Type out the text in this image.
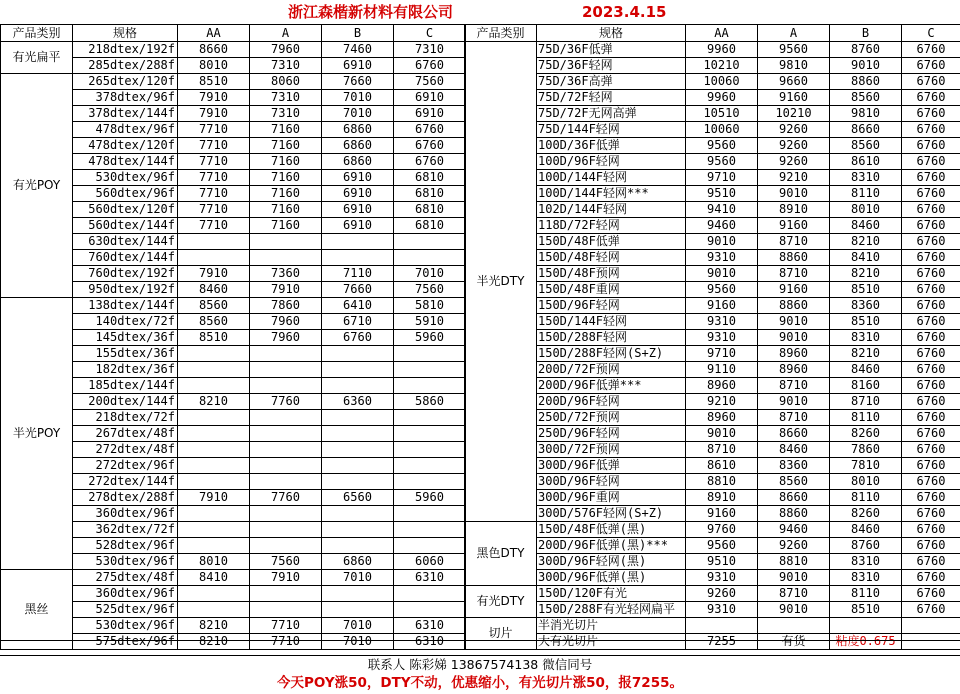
浙江森楷新材料有限公司	2023.4.15
产品类别	规格	AA	A	B	C
有光扁平	218dtex/192f	8660	7960	7460	7310
	285dtex/288f	8010	7310	6910	6760
有光POY	265dtex/120f	8510	8060	7660	7560
	378dtex/96f	7910	7310	7010	6910
	378dtex/144f	7910	7310	7010	6910
	478dtex/96f	7710	7160	6860	6760
	478dtex/120f	7710	7160	6860	6760
	478dtex/144f	7710	7160	6860	6760
	530dtex/96f	7710	7160	6910	6810
	560dtex/96f	7710	7160	6910	6810
	560dtex/120f	7710	7160	6910	6810
	560dtex/144f	7710	7160	6910	6810
	630dtex/144f				
	760dtex/144f				
	760dtex/192f	7910	7360	7110	7010
	950dtex/192f	8460	7910	7660	7560
半光POY	138dtex/144f	8560	7860	6410	5810
	140dtex/72f	8560	7960	6710	5910
	145dtex/36f	8510	7960	6760	5960
	155dtex/36f				
	182dtex/36f				
	185dtex/144f				
	200dtex/144f	8210	7760	6360	5860
	218dtex/72f				
	267dtex/48f				
	272dtex/48f				
	272dtex/96f				
	272dtex/144f				
	278dtex/288f	7910	7760	6560	5960
	360dtex/96f				
	362dtex/72f				
	528dtex/96f				
	530dtex/96f	8010	7560	6860	6060
黑丝	275dtex/48f	8410	7910	7010	6310
	360dtex/96f				
	525dtex/96f				
	530dtex/96f	8210	7710	7010	6310
	575dtex/96f	8210	7710	7010	6310
产品类别	规格	AA	A	B	C
半光DTY	75D/36F低弹	9960	9560	8760	6760
	75D/36F轻网	10210	9810	9010	6760
	75D/36F高弹	10060	9660	8860	6760
	75D/72F轻网	9960	9160	8560	6760
	75D/72F无网高弹	10510	10210	9810	6760
	75D/144F轻网	10060	9260	8660	6760
	100D/36F低弹	9560	9260	8560	6760
	100D/96F轻网	9560	9260	8610	6760
	100D/144F轻网	9710	9210	8310	6760
	100D/144F轻网***	9510	9010	8110	6760
	102D/144F轻网	9410	8910	8010	6760
	118D/72F轻网	9460	9160	8460	6760
	150D/48F低弹	9010	8710	8210	6760
	150D/48F轻网	9310	8860	8410	6760
	150D/48F预网	9010	8710	8210	6760
	150D/48F重网	9560	9160	8510	6760
	150D/96F轻网	9160	8860	8360	6760
	150D/144F轻网	9310	9010	8510	6760
	150D/288F轻网	9310	9010	8310	6760
	150D/288F轻网(S+Z)	9710	8960	8210	6760
	200D/72F预网	9110	8960	8460	6760
	200D/96F低弹***	8960	8710	8160	6760
	200D/96F轻网	9210	9010	8710	6760
	250D/72F预网	8960	8710	8110	6760
	250D/96F轻网	9010	8660	8260	6760
	300D/72F预网	8710	8460	7860	6760
	300D/96F低弹	8610	8360	7810	6760
	300D/96F轻网	8810	8560	8010	6760
	300D/96F重网	8910	8660	8110	6760
	300D/576F轻网(S+Z)	9160	8860	8260	6760
黑色DTY	150D/48F低弹(黑)	9760	9460	8460	6760
	200D/96F低弹(黑)***	9560	9260	8760	6760
	300D/96F轻网(黑)	9510	8810	8310	6760
	300D/96F低弹(黑)	9310	9010	8310	6760
有光DTY	150D/120F有光	9260	8710	8110	6760
	150D/288F有光轻网扁平	9310	9010	8510	6760
切片	半消光切片				
	大有光切片	7255	有货	粘度0.675	
联系人 陈彩娣 13867574138 微信同号
今天POY涨50，DTY不动，优惠缩小，有光切片涨50，报7255。
